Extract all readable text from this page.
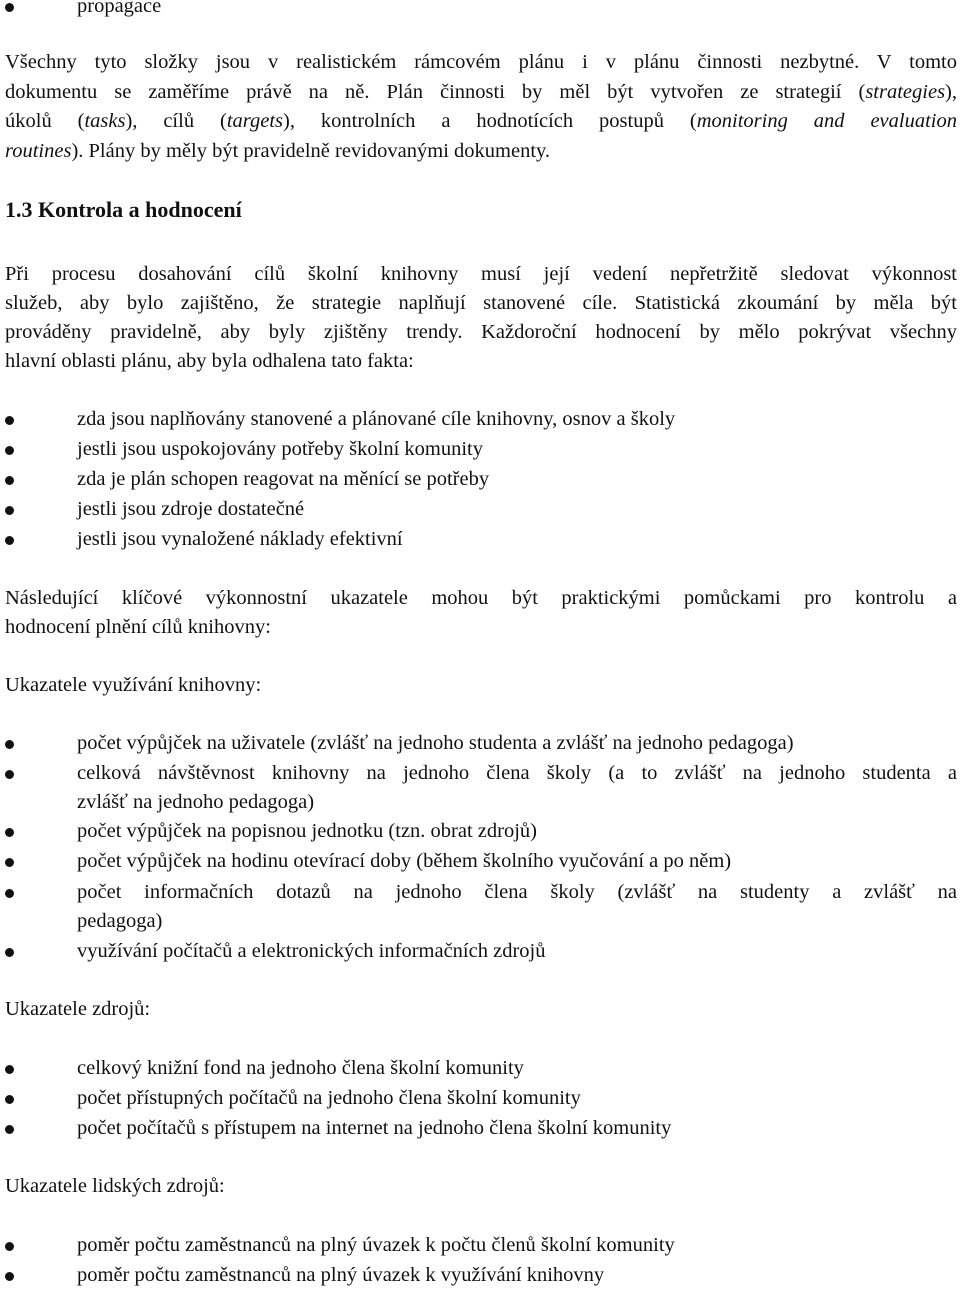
propagace
Všechny tyto složky jsou v realistickém rámcovém plánu i v plánu činnosti nezbytné. V tomto
dokumentu se zaměříme právě na ně. Plán činnosti by měl být vytvořen ze strategií (strategies),
úkolů (tasks), cílů (targets), kontrolních a hodnotících postupů (monitoring and evaluation
routines). Plány by měly být pravidelně revidovanými dokumenty.
1.3 Kontrola a hodnocení
Při procesu dosahování cílů školní knihovny musí její vedení nepřetržitě sledovat výkonnost
služeb, aby bylo zajištěno, že strategie naplňují stanovené cíle. Statistická zkoumání by měla být
prováděny pravidelně, aby byly zjištěny trendy. Každoroční hodnocení by mělo pokrývat všechny
hlavní oblasti plánu, aby byla odhalena tato fakta:
zda jsou naplňovány stanovené a plánované cíle knihovny, osnov a školy
jestli jsou uspokojovány potřeby školní komunity
zda je plán schopen reagovat na měnící se potřeby
jestli jsou zdroje dostatečné
jestli jsou vynaložené náklady efektivní
Následující klíčové výkonnostní ukazatele mohou být praktickými pomůckami pro kontrolu a
hodnocení plnění cílů knihovny:
Ukazatele využívání knihovny:
počet výpůjček na uživatele (zvlášť na jednoho studenta a zvlášť na jednoho pedagoga)
celková návštěvnost knihovny na jednoho člena školy (a to zvlášť na jednoho studenta a
zvlášť na jednoho pedagoga)
počet výpůjček na popisnou jednotku (tzn. obrat zdrojů)
počet výpůjček na hodinu otevírací doby (během školního vyučování a po něm)
počet informačních dotazů na jednoho člena školy (zvlášť na studenty a zvlášť na
pedagoga)
využívání počítačů a elektronických informačních zdrojů
Ukazatele zdrojů:
celkový knižní fond na jednoho člena školní komunity
počet přístupných počítačů na jednoho člena školní komunity
počet počítačů s přístupem na internet na jednoho člena školní komunity
Ukazatele lidských zdrojů:
poměr počtu zaměstnanců na plný úvazek k počtu členů školní komunity
poměr počtu zaměstnanců na plný úvazek k využívání knihovny
